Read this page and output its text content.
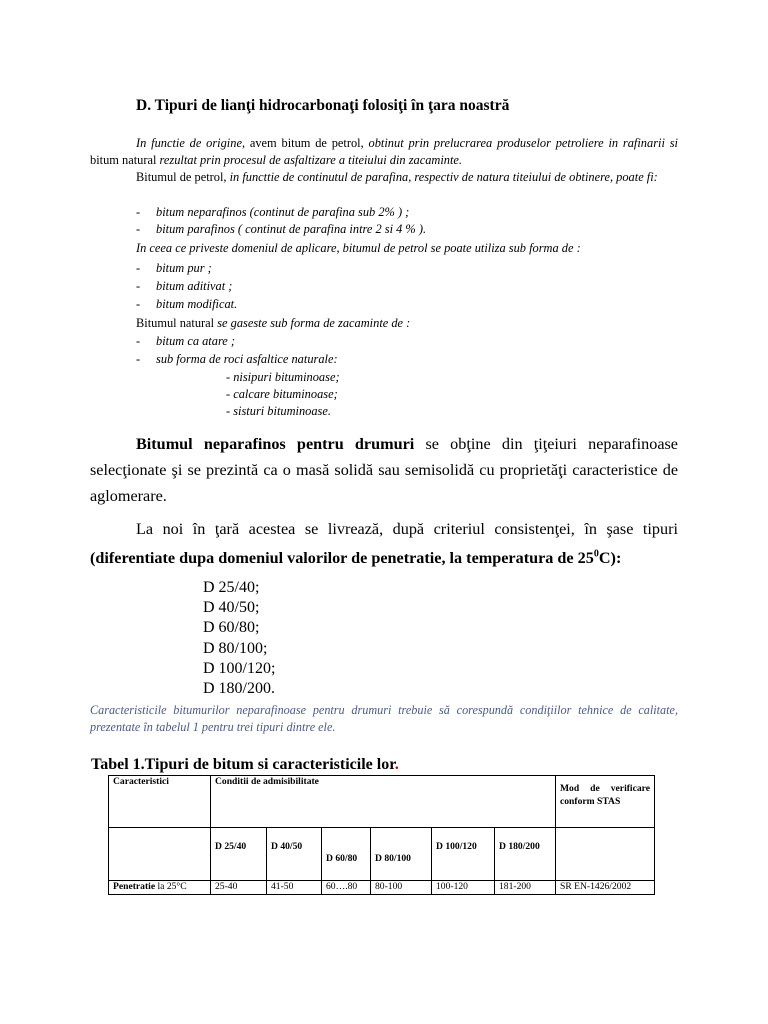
D. Tipuri de lianţi hidrocarbonaţi folosiţi în ţara noastră
In functie de origine, avem bitum de petrol, obtinut prin prelucrarea produselor petroliere in rafinarii si bitum natural rezultat prin procesul de asfaltizare a titeiului din zacaminte.
Bitumul de petrol, in functtie de continutul de parafina, respectiv de natura titeiului de obtinere, poate fi:
- bitum neparafinos (continut de parafina sub 2% ) ;
- bitum parafinos ( continut de parafina intre 2 si 4 % ).
In ceea ce priveste domeniul de aplicare, bitumul de petrol se poate utiliza sub forma de :
- bitum pur ;
- bitum aditivat ;
- bitum modificat.
Bitumul natural se gaseste sub forma de zacaminte de :
- bitum ca atare ;
- sub forma de roci asfaltice naturale:
- nisipuri bituminoase;
- calcare bituminoase;
- sisturi bituminoase.
Bitumul neparafinos pentru drumuri se obţine din ţiţeiuri neparafinoase selecţionate şi se prezintă ca o masă solidă sau semisolidă cu proprietăţi caracteristice de aglomerare.
La noi în ţară acestea se livrează, după criteriul consistenţei, în şase tipuri (diferentiate dupa domeniul valorilor de penetratie, la temperatura de $25^0C$):
D 25/40;
D 40/50;
D 60/80;
D 80/100;
D 100/120;
D 180/200.
Caracteristicile bitumurilor neparafinoase pentru drumuri trebuie să corespundă condiţiilor tehnice de calitate, prezentate în tabelul 1 pentru trei tipuri dintre ele.
Tabel 1.Tipuri de bitum si caracteristicile lor.
Caracteristici	Conditii de admisibilitate						Mod de verificare conform STAS

	D 25/40	D 40/50	D 60/80	D 80/100	D 100/120	D 180/200	
Penetratie la 25°C	25-40	41-50	60….80	80-100	100-120	181-200	SR EN-1426/2002
